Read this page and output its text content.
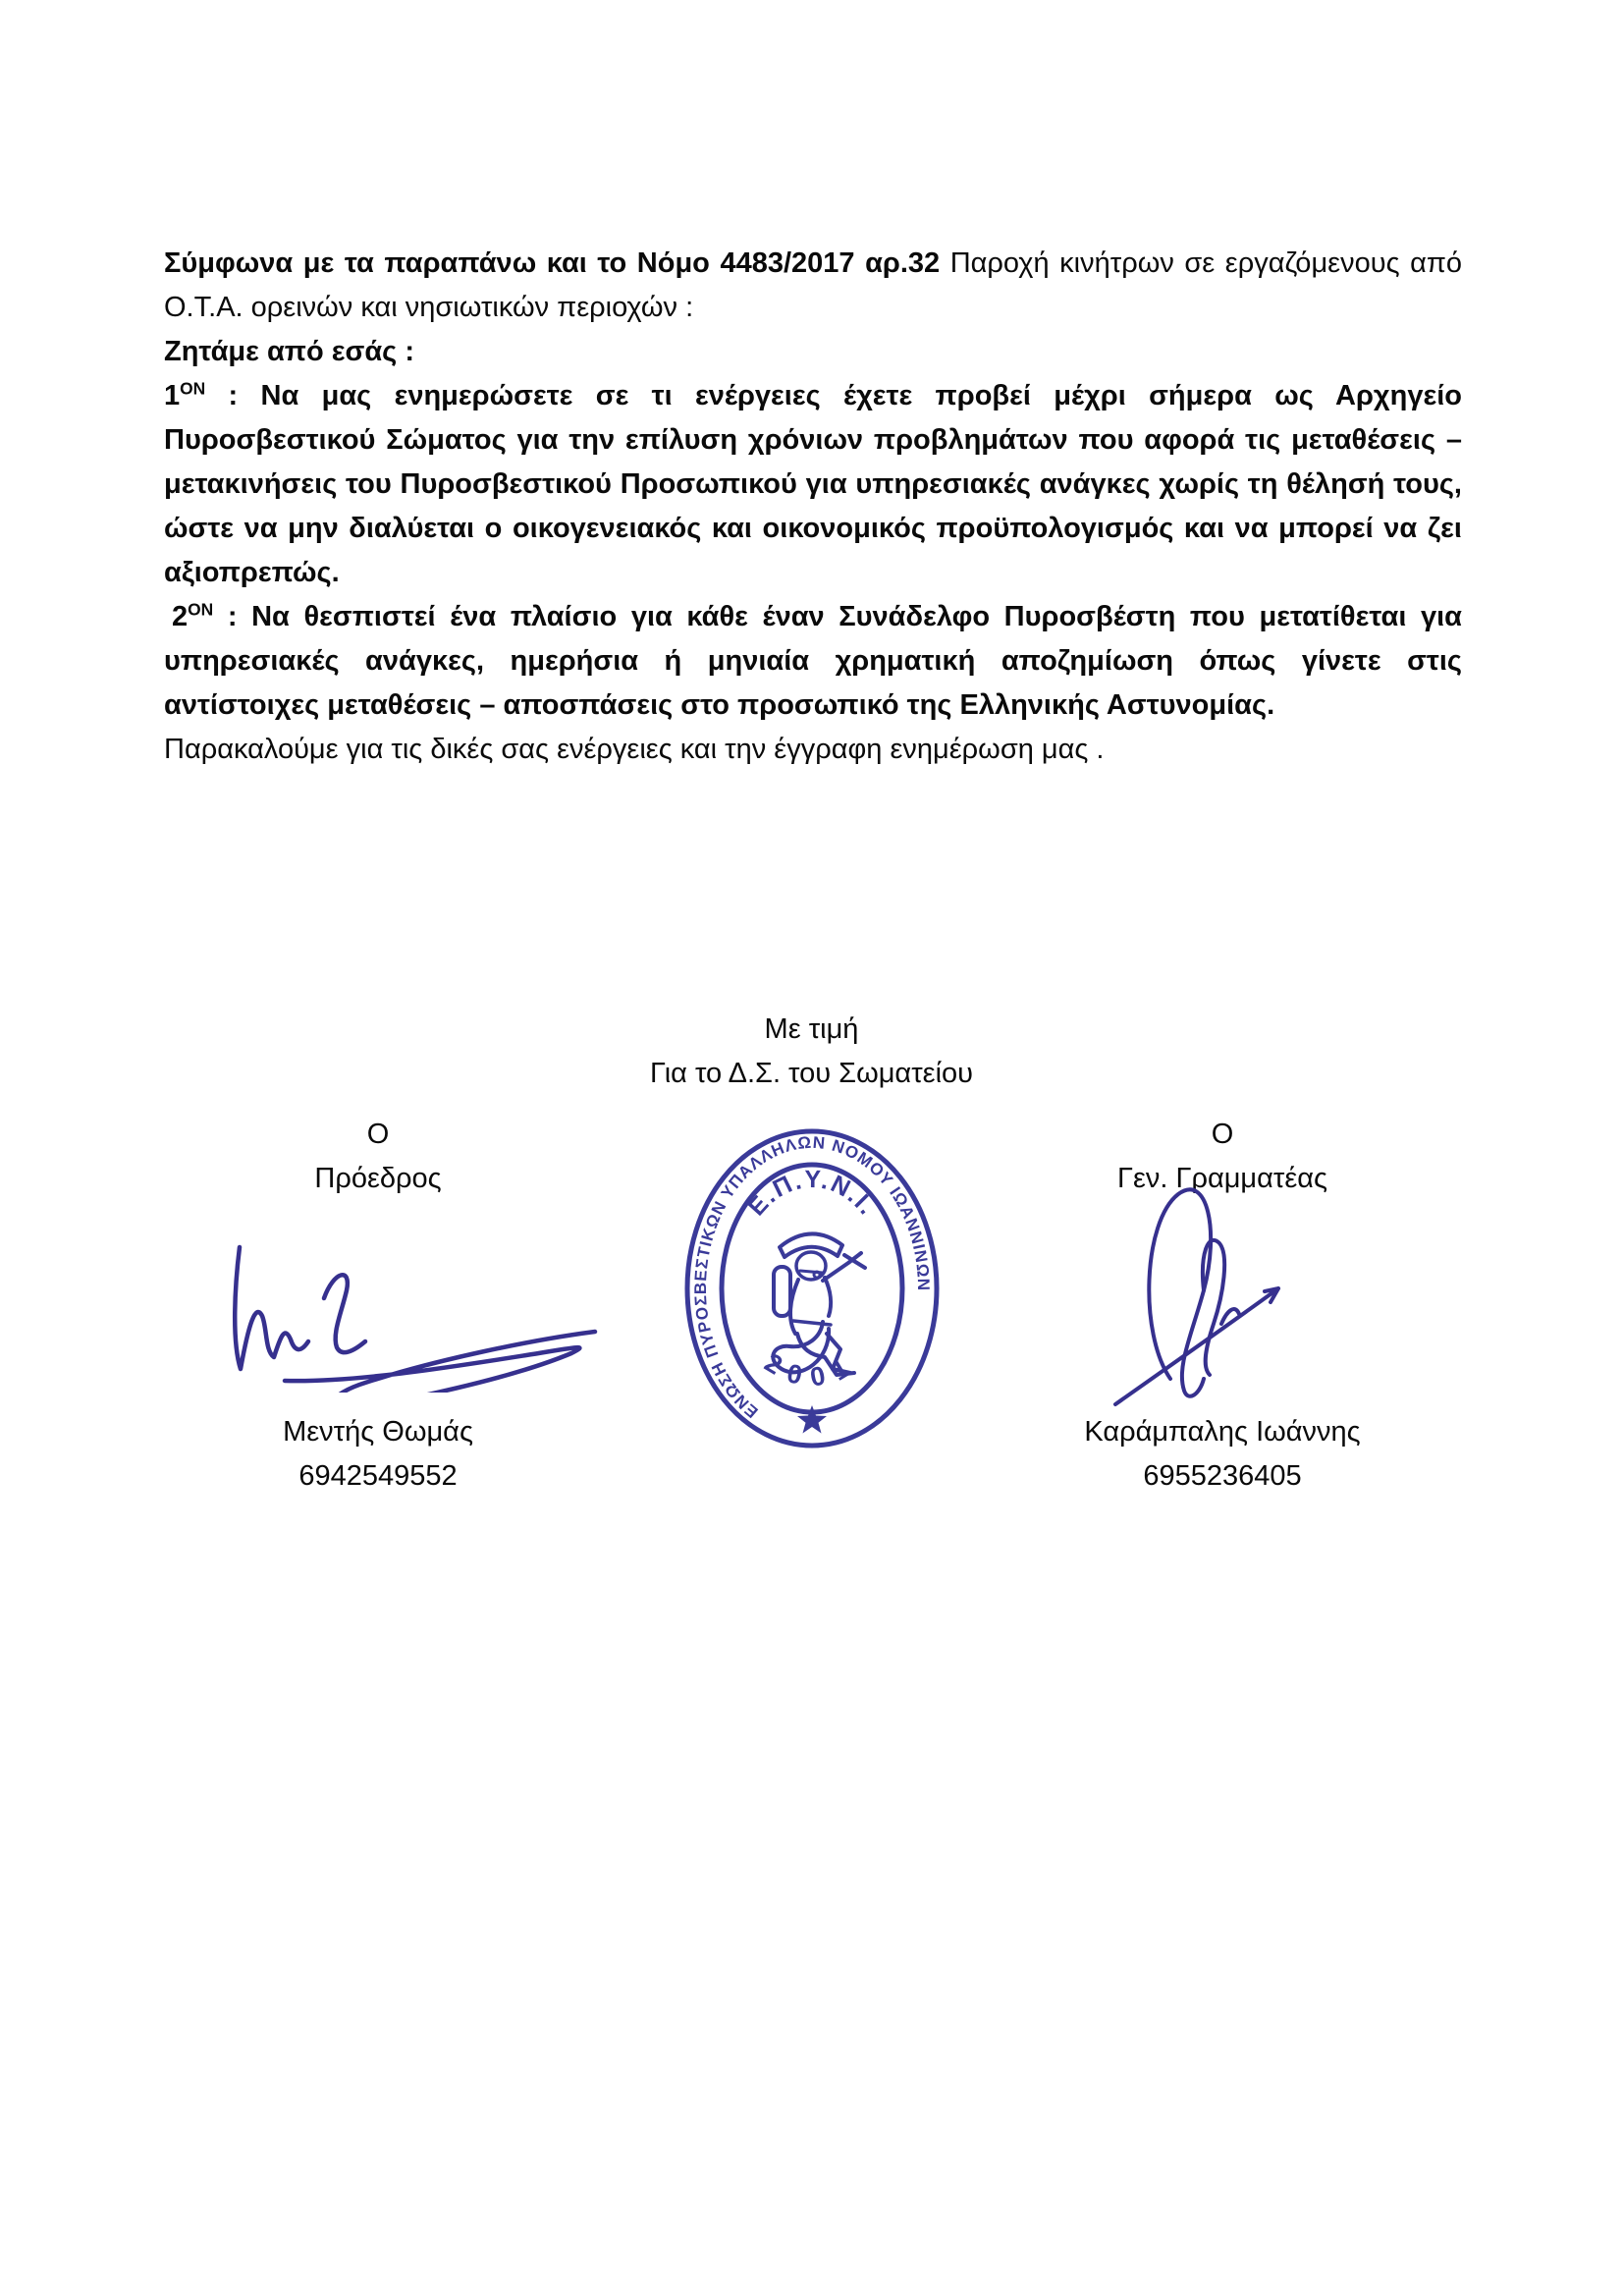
Σύμφωνα με τα παραπάνω και το Νόμο 4483/2017 αρ.32 Παροχή κινήτρων σε εργαζόμενους από Ο.Τ.Α. ορεινών και νησιωτικών περιοχών :

Ζητάμε από εσάς :

$1^{ON}$ : Να μας ενημερώσετε σε τι ενέργειες έχετε προβεί μέχρι σήμερα ως Αρχηγείο Πυροσβεστικού Σώματος για την επίλυση χρόνιων προβλημάτων που αφορά τις μεταθέσεις – μετακινήσεις του Πυροσβεστικού Προσωπικού για υπηρεσιακές ανάγκες χωρίς τη θέλησή τους, ώστε να μην διαλύεται ο οικογενειακός και οικονομικός προϋπολογισμός και να μπορεί να ζει αξιοπρεπώς.

$2^{ON}$ : Να θεσπιστεί ένα πλαίσιο για κάθε έναν Συνάδελφο Πυροσβέστη που μετατίθεται για υπηρεσιακές ανάγκες, ημερήσια ή μηνιαία χρηματική αποζημίωση όπως γίνετε στις αντίστοιχες μεταθέσεις – αποσπάσεις στο προσωπικό της Ελληνικής Αστυνομίας.

Παρακαλούμε για τις δικές σας ενέργειες και την έγγραφη ενημέρωση μας .

Με τιμή
Για το Δ.Σ. του Σωματείου
Ο
Πρόεδρος
Μεντής Θωμάς
6942549552
Ο
Γεν. Γραμματέας
Καράμπαλης Ιωάννης
6955236405
ΕΝΩΣΗ ΠΥΡΟΣΒΕΣΤΙΚΩΝ ΥΠΑΛΛΗΛΩΝ ΝΟΜΟΥ ΙΩΑΝΝΙΝΩΝ
Ε.Π.Υ.Ν.Ι.
2001
